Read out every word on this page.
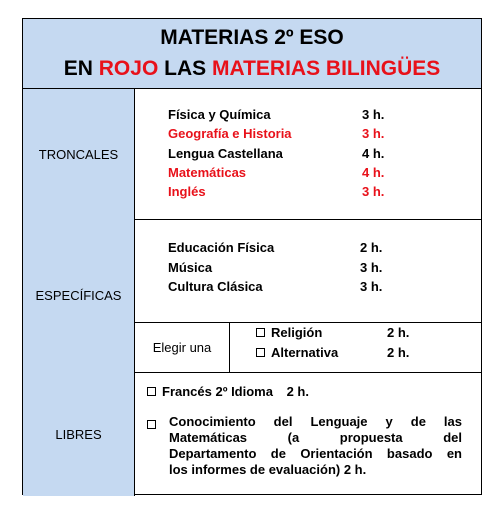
MATERIAS 2º ESO
EN ROJO LAS MATERIAS BILINGÜES
TRONCALES
Física y Química	3 h.
Geografía e Historia	3 h.
Lengua Castellana	4 h.
Matemáticas	4 h.
Inglés	3 h.
ESPECÍFICAS
Educación Física	2 h.
Música	3 h.
Cultura Clásica	3 h.
Elegir una
Religión	2 h.
Alternativa	2 h.
LIBRES
Francés 2º Idioma 2 h.
Conocimiento del Lenguaje y de las
Matemáticas (a propuesta del
Departamento de Orientación basado en
los informes de evaluación) 2 h.
